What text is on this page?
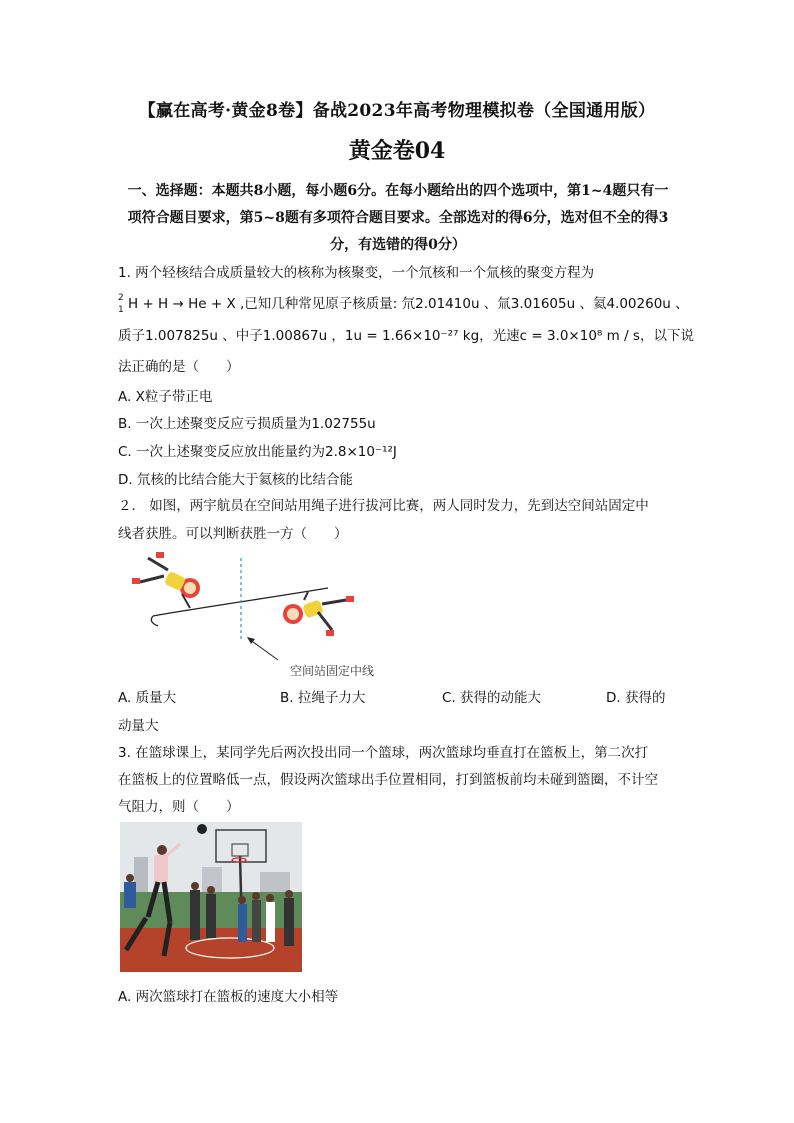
【赢在高考·黄金8卷】备战2023年高考物理模拟卷（全国通用版）
黄金卷04
一、选择题：本题共8小题，每小题6分。在每小题给出的四个选项中，第1~4题只有一
项符合题目要求，第5~8题有多项符合题目要求。全部选对的得6分，选对但不全的得3
分，有选错的得0分）
1. 两个轻核结合成质量较大的核称为核聚变，一个氘核和一个氚核的聚变方程为
2
1 H + H → He + X ,已知几种常见原子核质量: 氘2.01410u 、氚3.01605u 、氦4.00260u 、
质子1.007825u 、中子1.00867u ，1u = 1.66×10⁻²⁷ kg，光速c = 3.0×10⁸ m / s，以下说
法正确的是（　　）
A. X粒子带正电
B. 一次上述聚变反应亏损质量为1.02755u
C. 一次上述聚变反应放出能量约为2.8×10⁻¹²J
D. 氘核的比结合能大于氦核的比结合能
２． 如图，两宇航员在空间站用绳子进行拔河比赛，两人同时发力，先到达空间站固定中
线者获胜。可以判断获胜一方（　　）
空间站固定中线
A. 质量大	B. 拉绳子力大	C. 获得的动能大	D. 获得的
动量大
3. 在篮球课上，某同学先后两次投出同一个篮球，两次篮球均垂直打在篮板上，第二次打
在篮板上的位置略低一点，假设两次篮球出手位置相同，打到篮板前均未碰到篮圈，不计空
气阻力，则（　　）
A. 两次篮球打在篮板的速度大小相等
